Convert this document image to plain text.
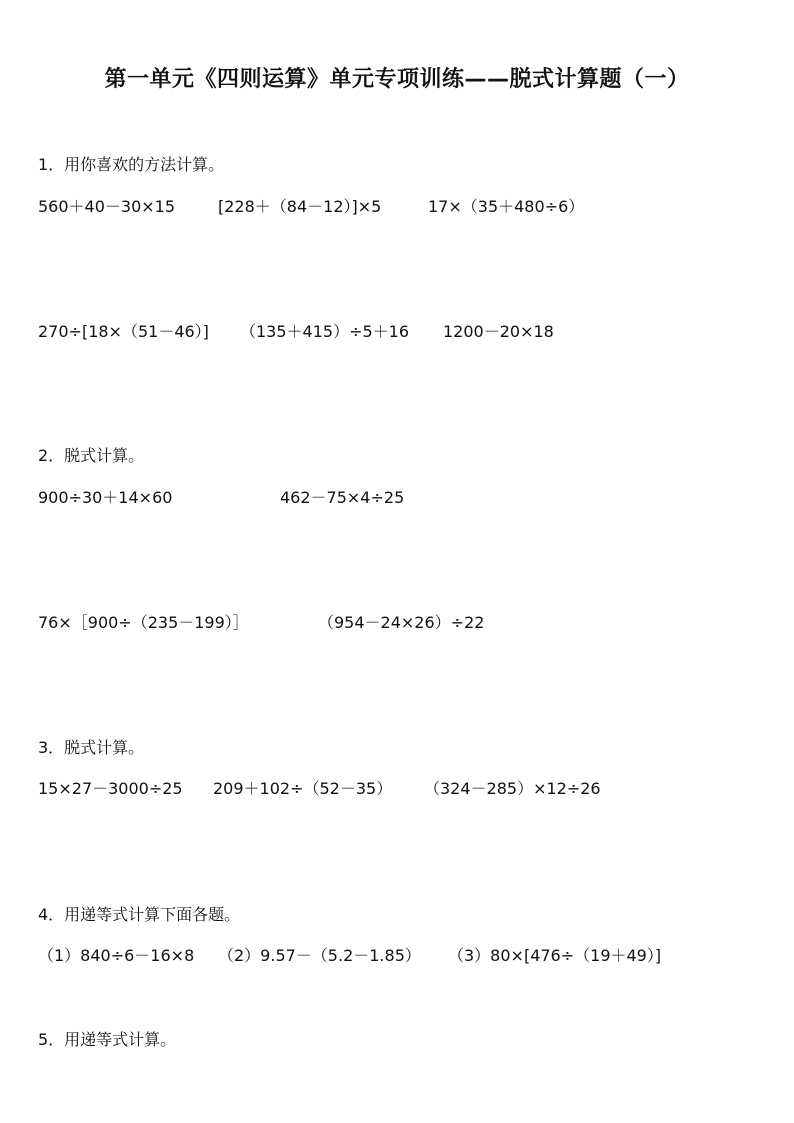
第一单元《四则运算》单元专项训练——脱式计算题（一）
1．用你喜欢的方法计算。
560＋40－30×15	[228＋（84－12）]×5	17×（35＋480÷6）
270÷[18×（51－46）] （135＋415）÷5＋16 1200－20×18
2．脱式计算。
900÷30＋14×60	462－75×4÷25
76×［900÷（235－199）］	（954－24×26）÷22
3．脱式计算。
15×27－3000÷25 209＋102÷（52－35） （324－285）×12÷26
4．用递等式计算下面各题。
（1）840÷6－16×8 （2）9.57－（5.2－1.85） （3）80×[476÷（19＋49）]
5．用递等式计算。
